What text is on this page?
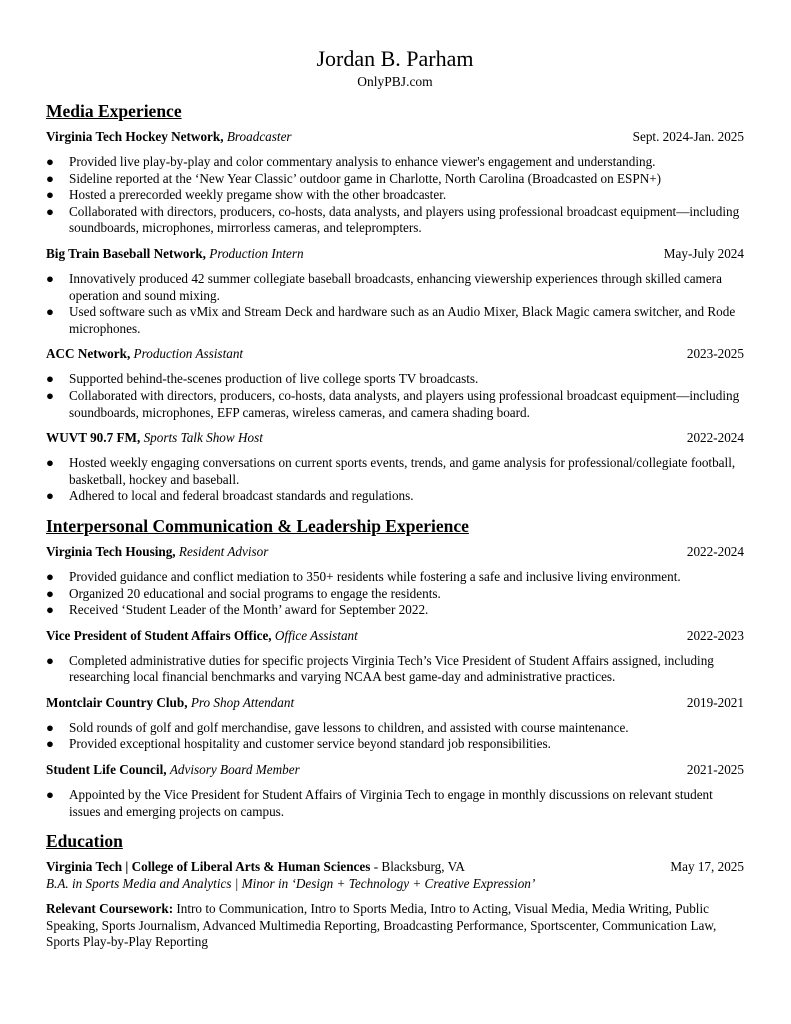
Jordan B. Parham
OnlyPBJ.com
Media Experience
Virginia Tech Hockey Network, Broadcaster	Sept. 2024-Jan. 2025
●	Provided live play-by-play and color commentary analysis to enhance viewer's engagement and understanding.
●	Sideline reported at the ‘New Year Classic’ outdoor game in Charlotte, North Carolina (Broadcasted on ESPN+)
●	Hosted a prerecorded weekly pregame show with the other broadcaster.
●	Collaborated with directors, producers, co-hosts, data analysts, and players using professional broadcast equipment—including soundboards, microphones, mirrorless cameras, and teleprompters.
Big Train Baseball Network, Production Intern	May-July 2024
●	Innovatively produced 42 summer collegiate baseball broadcasts, enhancing viewership experiences through skilled camera operation and sound mixing.
●	Used software such as vMix and Stream Deck and hardware such as an Audio Mixer, Black Magic camera switcher, and Rode microphones.
ACC Network, Production Assistant	2023-2025
●	Supported behind-the-scenes production of live college sports TV broadcasts.
●	Collaborated with directors, producers, co-hosts, data analysts, and players using professional broadcast equipment—including soundboards, microphones, EFP cameras, wireless cameras, and camera shading board.
WUVT 90.7 FM, Sports Talk Show Host	2022-2024
●	Hosted weekly engaging conversations on current sports events, trends, and game analysis for professional/collegiate football, basketball, hockey and baseball.
●	Adhered to local and federal broadcast standards and regulations.
Interpersonal Communication & Leadership Experience
Virginia Tech Housing, Resident Advisor	2022-2024
●	Provided guidance and conflict mediation to 350+ residents while fostering a safe and inclusive living environment.
●	Organized 20 educational and social programs to engage the residents.
●	Received ‘Student Leader of the Month’ award for September 2022.
Vice President of Student Affairs Office, Office Assistant	2022-2023
●	Completed administrative duties for specific projects Virginia Tech’s Vice President of Student Affairs assigned, including researching local financial benchmarks and varying NCAA best game-day and administrative practices.
Montclair Country Club, Pro Shop Attendant	2019-2021
●	Sold rounds of golf and golf merchandise, gave lessons to children, and assisted with course maintenance.
●	Provided exceptional hospitality and customer service beyond standard job responsibilities.
Student Life Council, Advisory Board Member	2021-2025
●	Appointed by the Vice President for Student Affairs of Virginia Tech to engage in monthly discussions on relevant student issues and emerging projects on campus.
Education
Virginia Tech | College of Liberal Arts & Human Sciences - Blacksburg, VA	May 17, 2025
B.A. in Sports Media and Analytics | Minor in ‘Design + Technology + Creative Expression’
Relevant Coursework: Intro to Communication, Intro to Sports Media, Intro to Acting, Visual Media, Media Writing, Public Speaking, Sports Journalism, Advanced Multimedia Reporting, Broadcasting Performance, Sportscenter, Communication Law, Sports Play-by-Play Reporting
